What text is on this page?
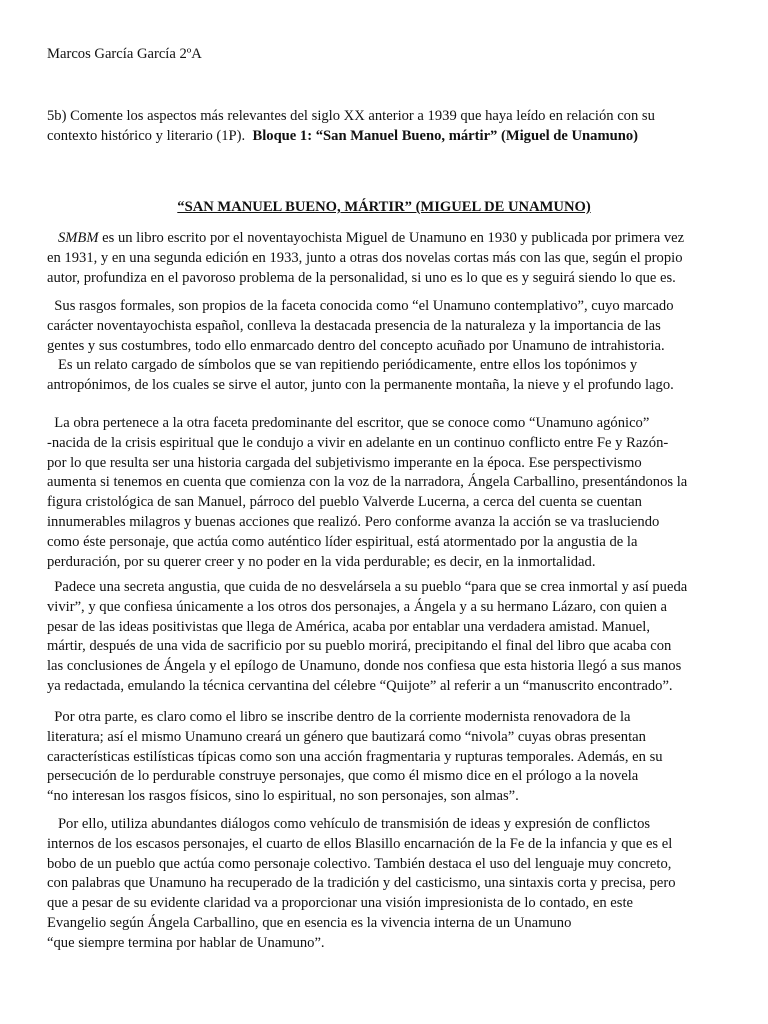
Marcos García García 2ºA
5b) Comente los aspectos más relevantes del siglo XX anterior a 1939 que haya leído en relación con su
contexto histórico y literario (1P).  Bloque 1: “San Manuel Bueno, mártir” (Miguel de Unamuno)
“SAN MANUEL BUENO, MÁRTIR” (MIGUEL DE UNAMUNO)
SMBM es un libro escrito por el noventayochista Miguel de Unamuno en 1930 y publicada por primera vez
en 1931, y en una segunda edición en 1933, junto a otras dos novelas cortas más con las que, según el propio
autor, profundiza en el pavoroso problema de la personalidad, si uno es lo que es y seguirá siendo lo que es.
Sus rasgos formales, son propios de la faceta conocida como “el Unamuno contemplativo”, cuyo marcado
carácter noventayochista español, conlleva la destacada presencia de la naturaleza y la importancia de las
gentes y sus costumbres, todo ello enmarcado dentro del concepto acuñado por Unamuno de intrahistoria.
Es un relato cargado de símbolos que se van repitiendo periódicamente, entre ellos los topónimos y
antropónimos, de los cuales se sirve el autor, junto con la permanente montaña, la nieve y el profundo lago.
La obra pertenece a la otra faceta predominante del escritor, que se conoce como “Unamuno agónico”
-nacida de la crisis espiritual que le condujo a vivir en adelante en un continuo conflicto entre Fe y Razón-
por lo que resulta ser una historia cargada del subjetivismo imperante en la época. Ese perspectivismo
aumenta si tenemos en cuenta que comienza con la voz de la narradora, Ángela Carballino, presentándonos la
figura cristológica de san Manuel, párroco del pueblo Valverde Lucerna, a cerca del cuenta se cuentan
innumerables milagros y buenas acciones que realizó. Pero conforme avanza la acción se va trasluciendo
como éste personaje, que actúa como auténtico líder espiritual, está atormentado por la angustia de la
perduración, por su querer creer y no poder en la vida perdurable; es decir, en la inmortalidad.
Padece una secreta angustia, que cuida de no desvelársela a su pueblo “para que se crea inmortal y así pueda
vivir”, y que confiesa únicamente a los otros dos personajes, a Ángela y a su hermano Lázaro, con quien a
pesar de las ideas positivistas que llega de América, acaba por entablar una verdadera amistad. Manuel,
mártir, después de una vida de sacrificio por su pueblo morirá, precipitando el final del libro que acaba con
las conclusiones de Ángela y el epílogo de Unamuno, donde nos confiesa que esta historia llegó a sus manos
ya redactada, emulando la técnica cervantina del célebre “Quijote” al referir a un “manuscrito encontrado”.
Por otra parte, es claro como el libro se inscribe dentro de la corriente modernista renovadora de la
literatura; así el mismo Unamuno creará un género que bautizará como “nivola” cuyas obras presentan
características estilísticas típicas como son una acción fragmentaria y rupturas temporales. Además, en su
persecución de lo perdurable construye personajes, que como él mismo dice en el prólogo a la novela
“no interesan los rasgos físicos, sino lo espiritual, no son personajes, son almas”.
Por ello, utiliza abundantes diálogos como vehículo de transmisión de ideas y expresión de conflictos
internos de los escasos personajes, el cuarto de ellos Blasillo encarnación de la Fe de la infancia y que es el
bobo de un pueblo que actúa como personaje colectivo. También destaca el uso del lenguaje muy concreto,
con palabras que Unamuno ha recuperado de la tradición y del casticismo, una sintaxis corta y precisa, pero
que a pesar de su evidente claridad va a proporcionar una visión impresionista de lo contado, en este
Evangelio según Ángela Carballino, que en esencia es la vivencia interna de un Unamuno
“que siempre termina por hablar de Unamuno”.
